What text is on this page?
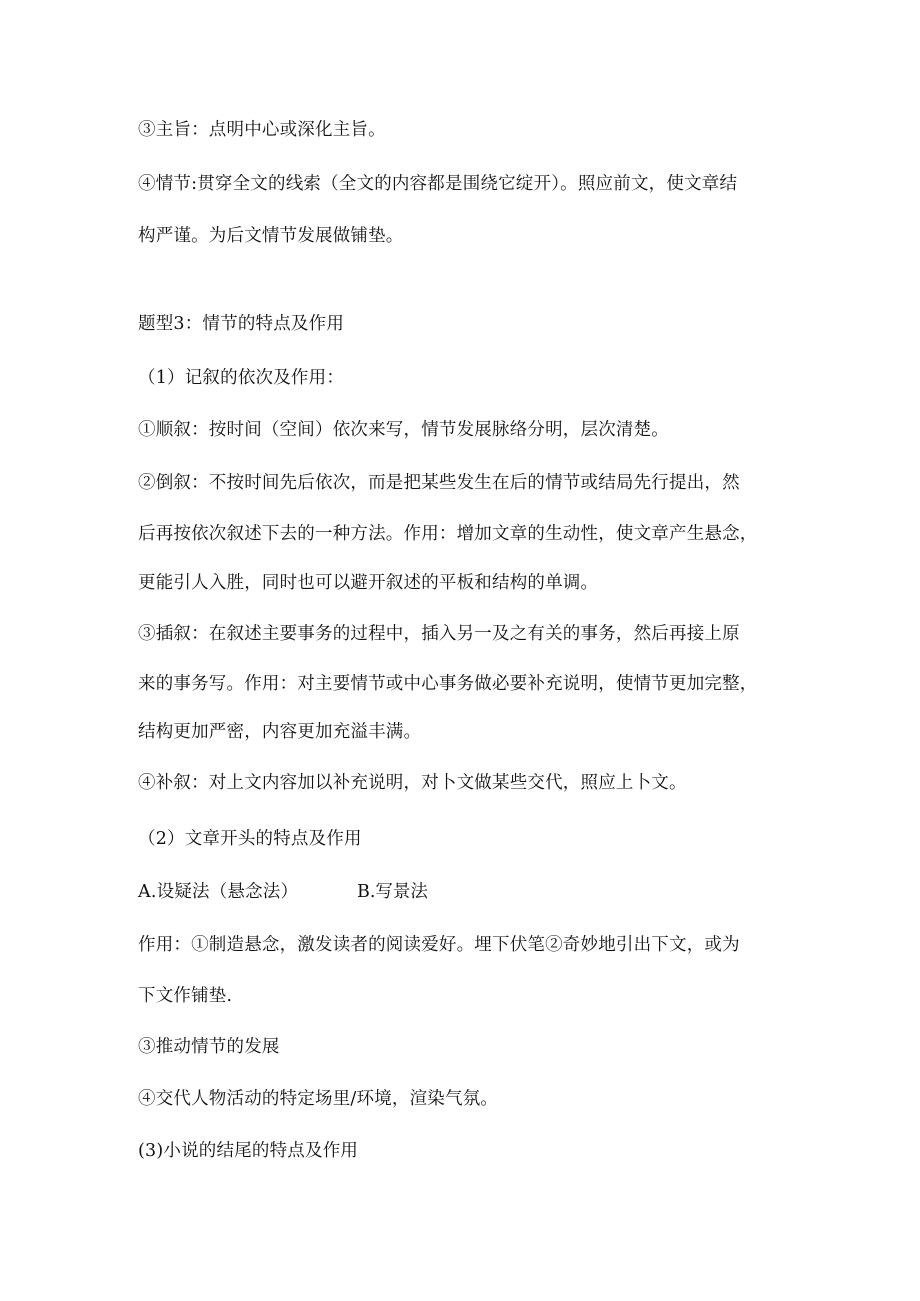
③主旨：点明中心或深化主旨。
④情节:贯穿全文的线索（全文的内容都是围绕它绽开）。照应前文，使文章结
构严谨。为后文情节发展做铺垫。
题型3：情节的特点及作用
（1）记叙的依次及作用：
①顺叙：按时间（空间）依次来写，情节发展脉络分明，层次清楚。
②倒叙：不按时间先后依次，而是把某些发生在后的情节或结局先行提出，然
后再按依次叙述下去的一种方法。作用：增加文章的生动性，使文章产生悬念，
更能引人入胜，同时也可以避开叙述的平板和结构的单调。
③插叙：在叙述主要事务的过程中，插入另一及之有关的事务，然后再接上原
来的事务写。作用：对主要情节或中心事务做必要补充说明，使情节更加完整，
结构更加严密，内容更加充溢丰满。
④补叙：对上文内容加以补充说明，对卜文做某些交代，照应上卜文。
（2）文章开头的特点及作用
A.设疑法（悬念法）	B.写景法
作用：①制造悬念，激发读者的阅读爱好。埋下伏笔②奇妙地引出下文，或为
下文作铺垫.
③推动情节的发展
④交代人物活动的特定场里/环境，渲染气氛。
(3)小说的结尾的特点及作用
